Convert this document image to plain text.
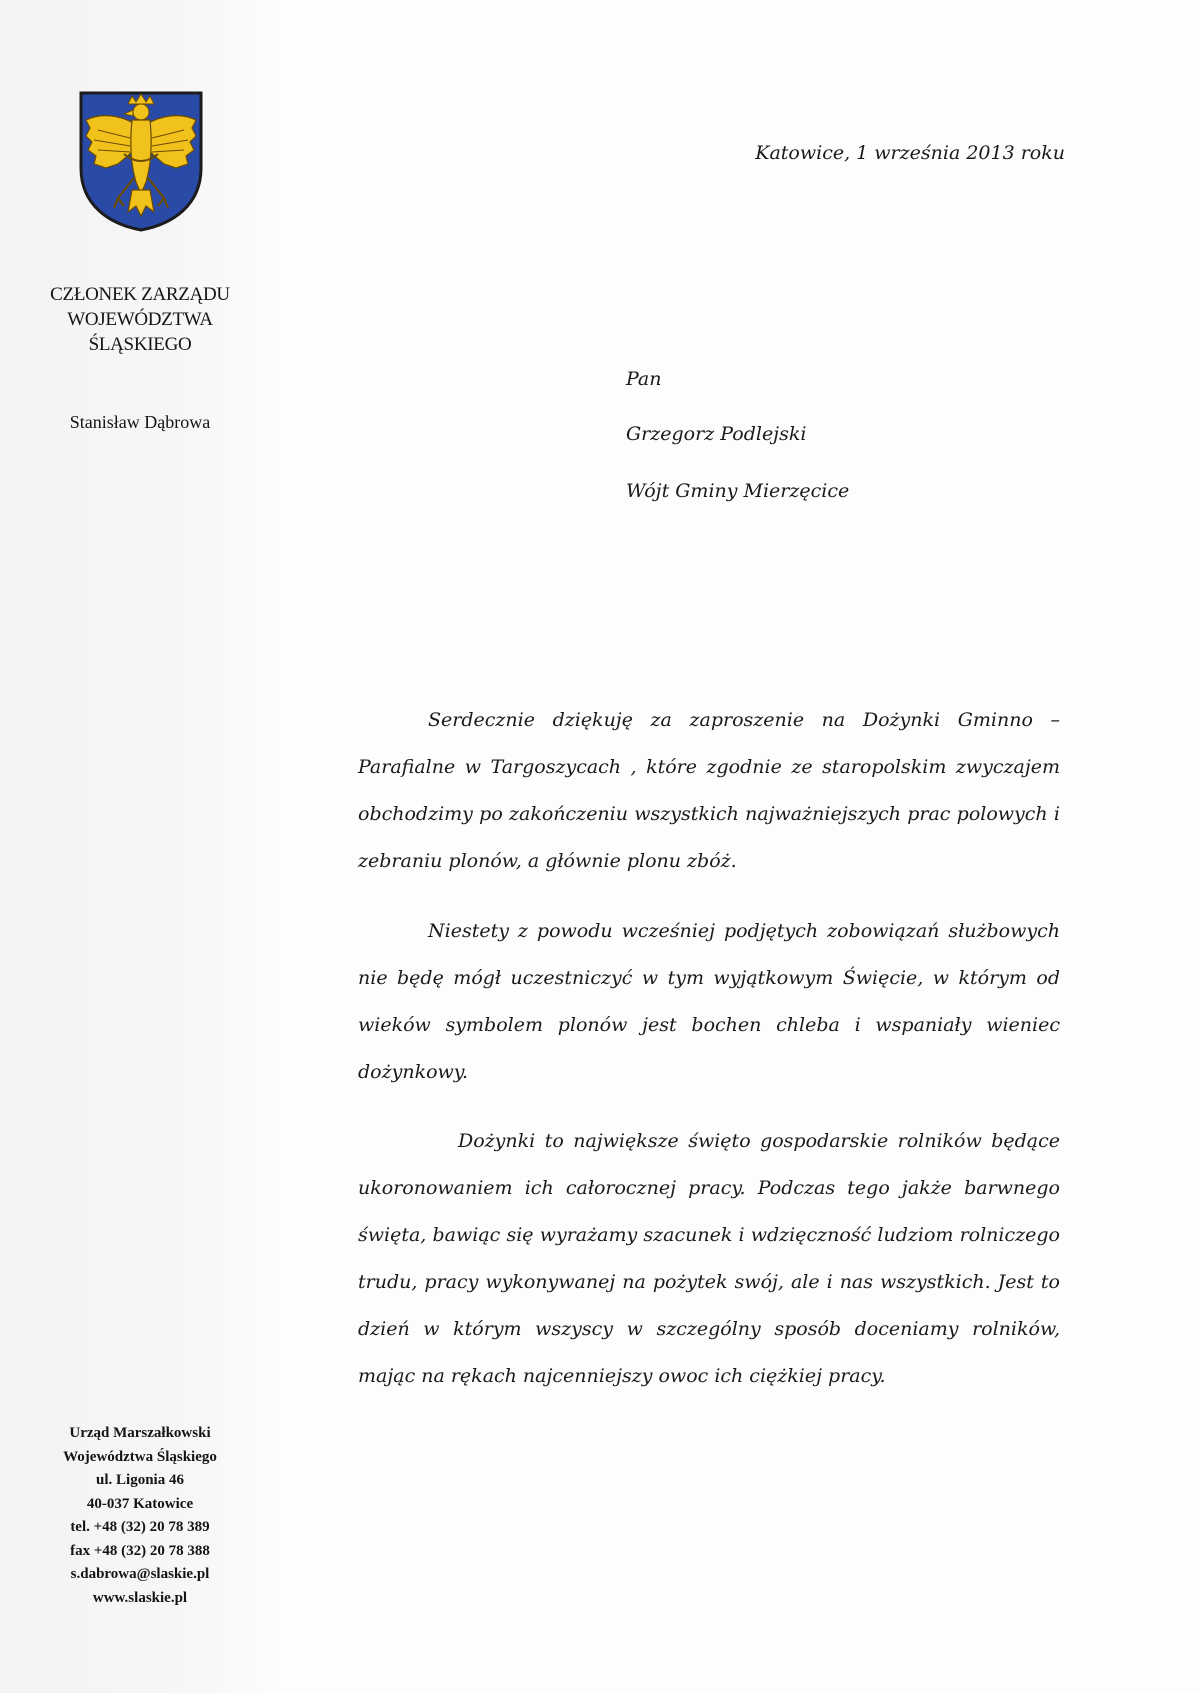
CZŁONEK ZARZĄDU
WOJEWÓDZTWA
ŚLĄSKIEGO
Stanisław Dąbrowa
Urząd Marszałkowski
Województwa Śląskiego
ul. Ligonia 46
40-037 Katowice
tel. +48 (32) 20 78 389
fax +48 (32) 20 78 388
s.dabrowa@slaskie.pl
www.slaskie.pl
Katowice, 1 września 2013 roku
Pan
Grzegorz Podlejski
Wójt Gminy Mierzęcice
Serdecznie dziękuję za zaproszenie na Dożynki Gminno – Parafialne w Targoszycach , które zgodnie ze staropolskim zwyczajem obchodzimy po zakończeniu wszystkich najważniejszych prac polowych i zebraniu plonów, a głównie plonu zbóż.
Niestety z powodu wcześniej podjętych zobowiązań służbowych nie będę mógł uczestniczyć w tym wyjątkowym Święcie, w którym od wieków symbolem plonów jest bochen chleba i wspaniały wieniec dożynkowy.
Dożynki to największe święto gospodarskie rolników będące ukoronowaniem ich całorocznej pracy. Podczas tego jakże barwnego święta, bawiąc się wyrażamy szacunek i wdzięczność ludziom rolniczego trudu, pracy wykonywanej na pożytek swój, ale i nas wszystkich. Jest to dzień w którym wszyscy w szczególny sposób doceniamy rolników, mając na rękach najcenniejszy owoc ich ciężkiej pracy.
